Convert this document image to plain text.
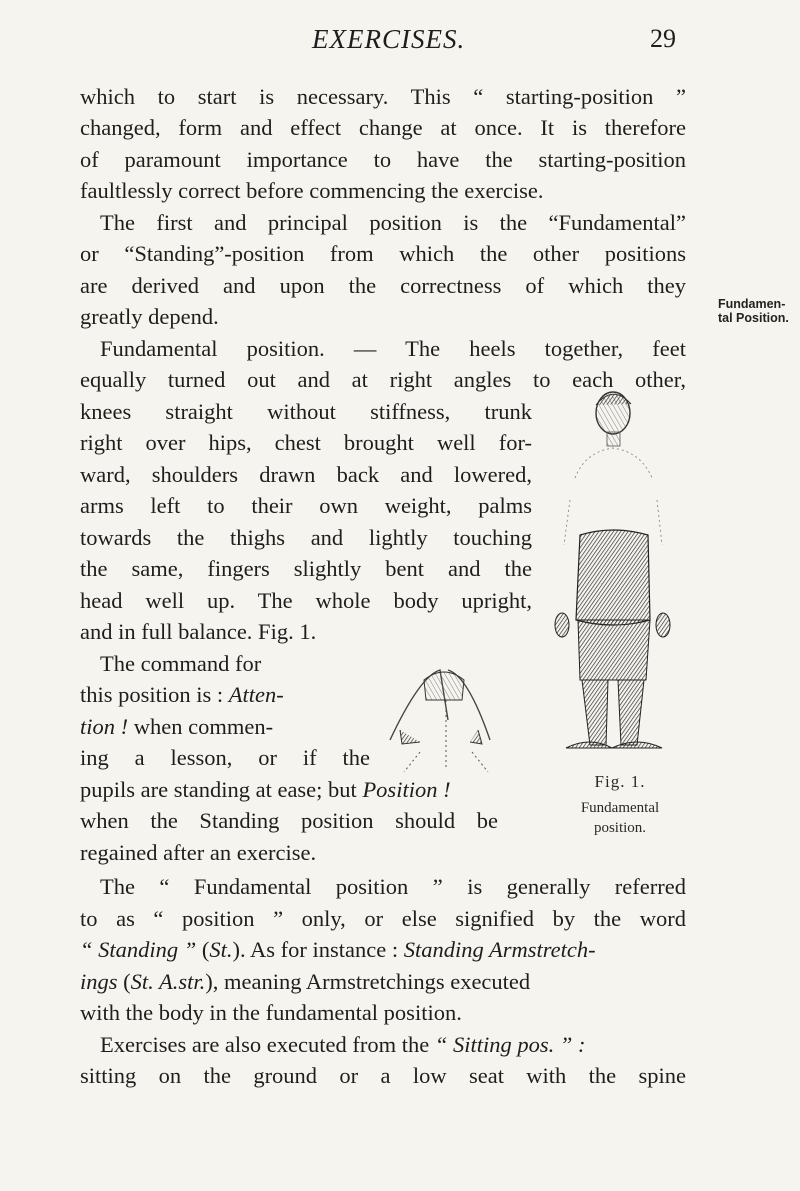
EXERCISES.	29
which to start is necessary. This “ starting-position ”
changed, form and effect change at once. It is therefore
of paramount importance to have the starting-position
faultlessly correct before commencing the exercise.
The first and principal position is the “Fundamental”
or “Standing”-position from which the other positions
are derived and upon the correctness of which they
greatly depend.
Fundamental position. — The heels together, feet
equally turned out and at right angles to each other,
knees straight without stiffness, trunk
right over hips, chest brought well for-
ward, shoulders drawn back and lowered,
arms left to their own weight, palms
towards the thighs and lightly touching
the same, fingers slightly bent and the
head well up. The whole body upright,
and in full balance. Fig. 1.
The command for
this position is : Atten-
tion ! when commen-
ing a lesson, or if the
pupils are standing at ease; but Position !
when the Standing position should be
regained after an exercise.
The “ Fundamental position ” is generally referred
to as “ position ” only, or else signified by the word
“ Standing ” (St.). As for instance : Standing Armstretch-
ings (St. A.str.), meaning Armstretchings executed
with the body in the fundamental position.
Exercises are also executed from the “ Sitting pos. ” :
sitting on the ground or a low seat with the spine
Fundamen-
tal Position.
Fig. 1.
Fundamental
position.
